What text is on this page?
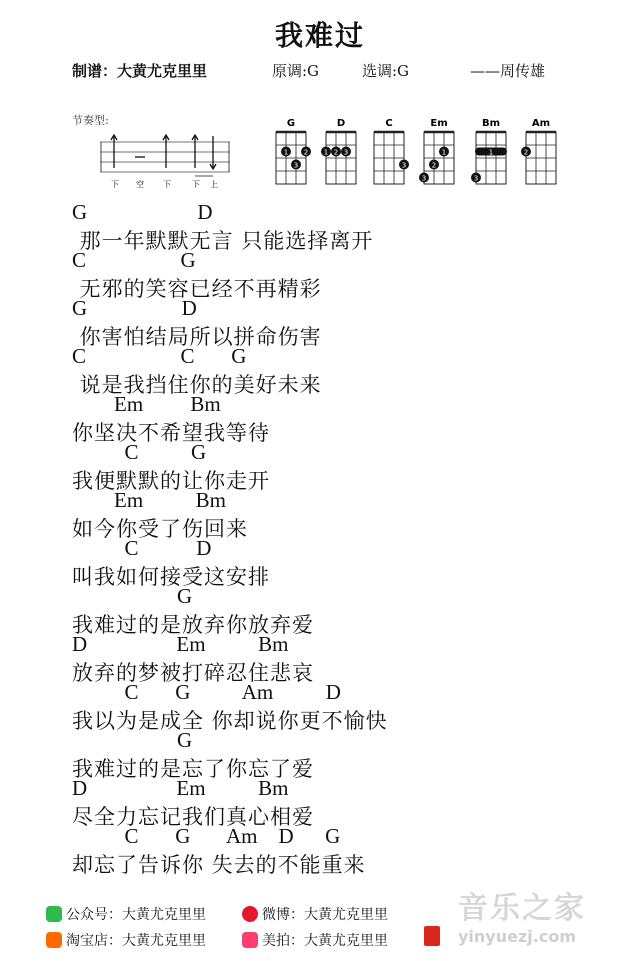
我难过
制谱：大黄尤克里里	原调:G	选调:G	——周传雄
节奏型:
下 空 下	下 上
G
1 2
3
D
1 2 3
C
3
Em
1
2
3
Bm
3
1
Am
2
G                     D
那一年默默无言 只能选择离开
C                  G
无邪的笑容已经不再精彩
G                  D
你害怕结局所以拼命伤害
C                  C       G
说是我挡住你的美好未来
Em         Bm
你坚决不希望我等待
C          G
我便默默的让你走开
Em          Bm
如今你受了伤回来
C           D
叫我如何接受这安排
G
我难过的是放弃你放弃爱
D                 Em          Bm
放弃的梦被打碎忍住悲哀
C       G          Am          D
我以为是成全 你却说你更不愉快
G
我难过的是忘了你忘了爱
D                 Em          Bm
尽全力忘记我们真心相爱
C       G       Am    D      G
却忘了告诉你 失去的不能重来
公众号：大黄尤克里里	微博：大黄尤克里里
淘宝店：大黄尤克里里	美拍：大黄尤克里里
音乐之家
yinyuezj.com
